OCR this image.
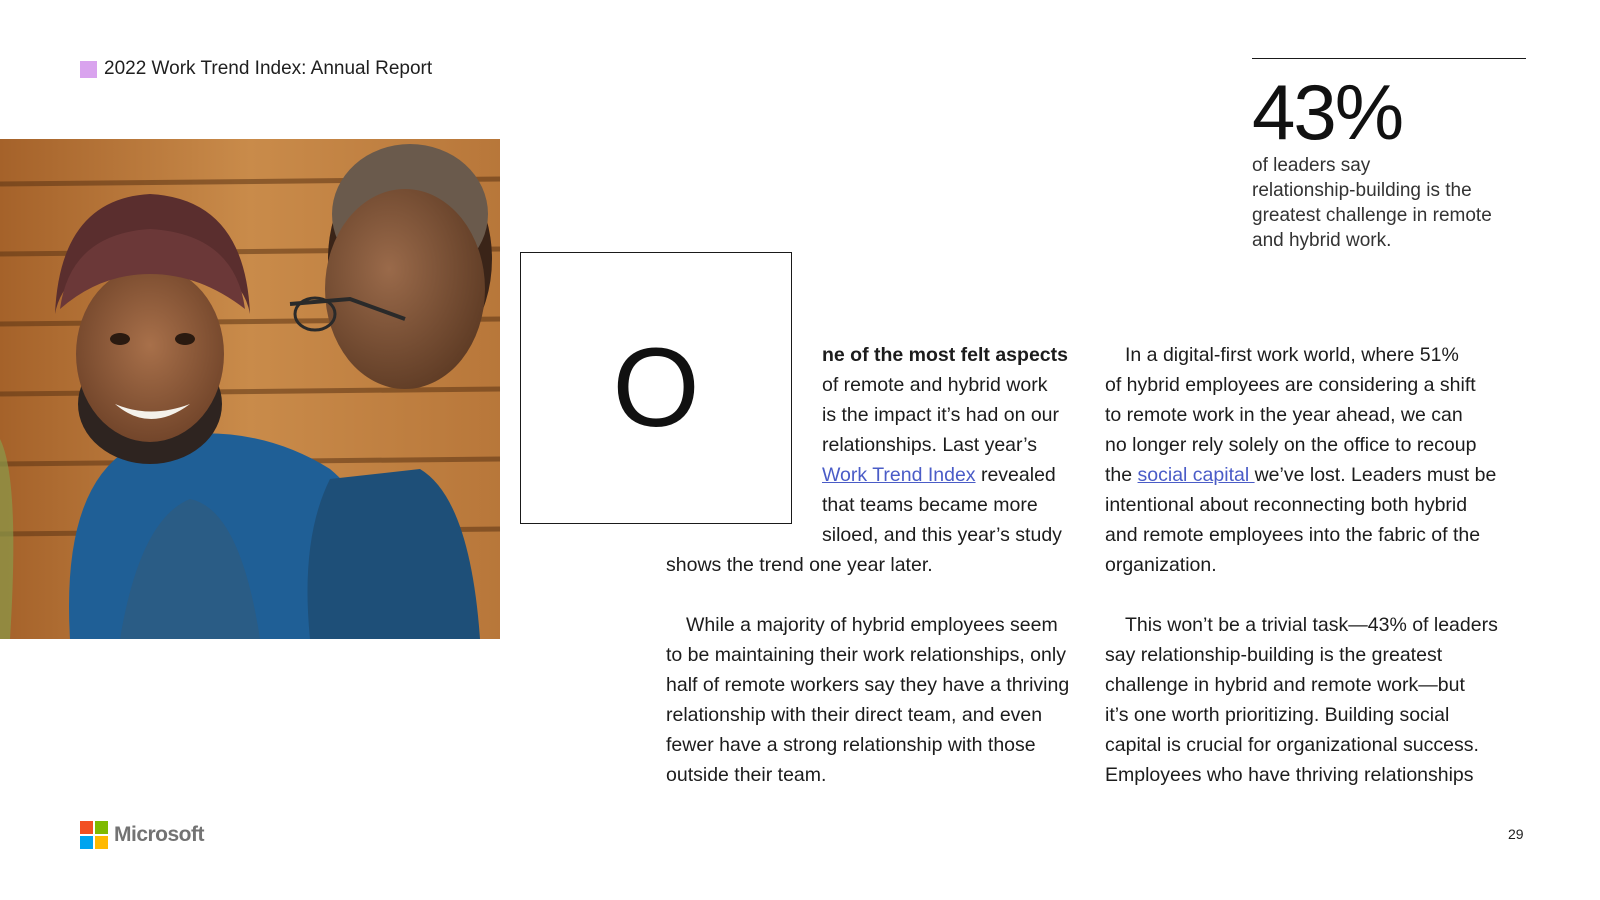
2022 Work Trend Index: Annual Report	43%
of leaders say
relationship-building is the
greatest challenge in remote
and hybrid work.
O	ne of the most felt aspects
of remote and hybrid work
is the impact it’s had on our
relationships. Last year’s
Work Trend Index revealed
that teams became more
siloed, and this year’s study
shows the trend one year later.
While a majority of hybrid employees seem
to be maintaining their work relationships, only
half of remote workers say they have a thriving
relationship with their direct team, and even
fewer have a strong relationship with those
outside their team.
In a digital-first work world, where 51%
of hybrid employees are considering a shift
to remote work in the year ahead, we can
no longer rely solely on the office to recoup
the social capital we’ve lost. Leaders must be
intentional about reconnecting both hybrid
and remote employees into the fabric of the
organization.
This won’t be a trivial task—43% of leaders
say relationship-building is the greatest
challenge in hybrid and remote work—but
it’s one worth prioritizing. Building social
capital is crucial for organizational success.
Employees who have thriving relationships
Microsoft	29
